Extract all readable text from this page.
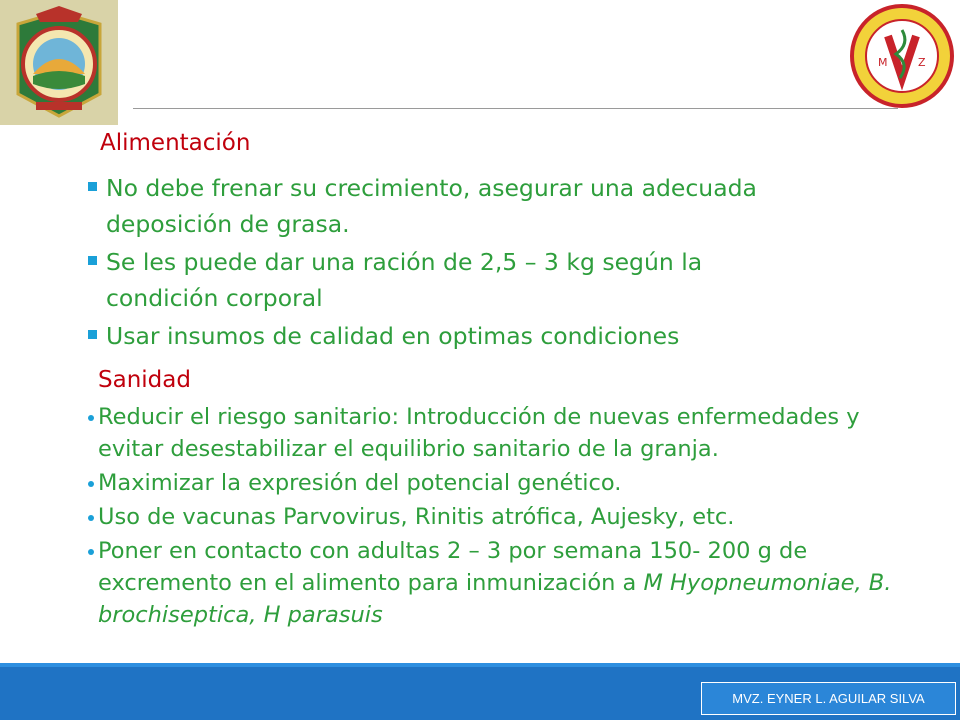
M	Z
Alimentación
No debe frenar su crecimiento, asegurar una adecuada
deposición de grasa.
Se les puede dar una ración de 2,5 – 3 kg según la
condición corporal
Usar insumos de calidad en optimas condiciones
Sanidad
Reducir el riesgo sanitario: Introducción de nuevas enfermedades y evitar desestabilizar el equilibrio sanitario de la granja.
Maximizar la expresión del potencial genético.
Uso de vacunas Parvovirus, Rinitis atrófica, Aujesky, etc.
Poner en contacto con adultas 2 – 3 por semana 150- 200 g de excremento en el alimento para inmunización a M Hyopneumoniae, B. brochiseptica, H parasuis
MVZ. EYNER L. AGUILAR SILVA
